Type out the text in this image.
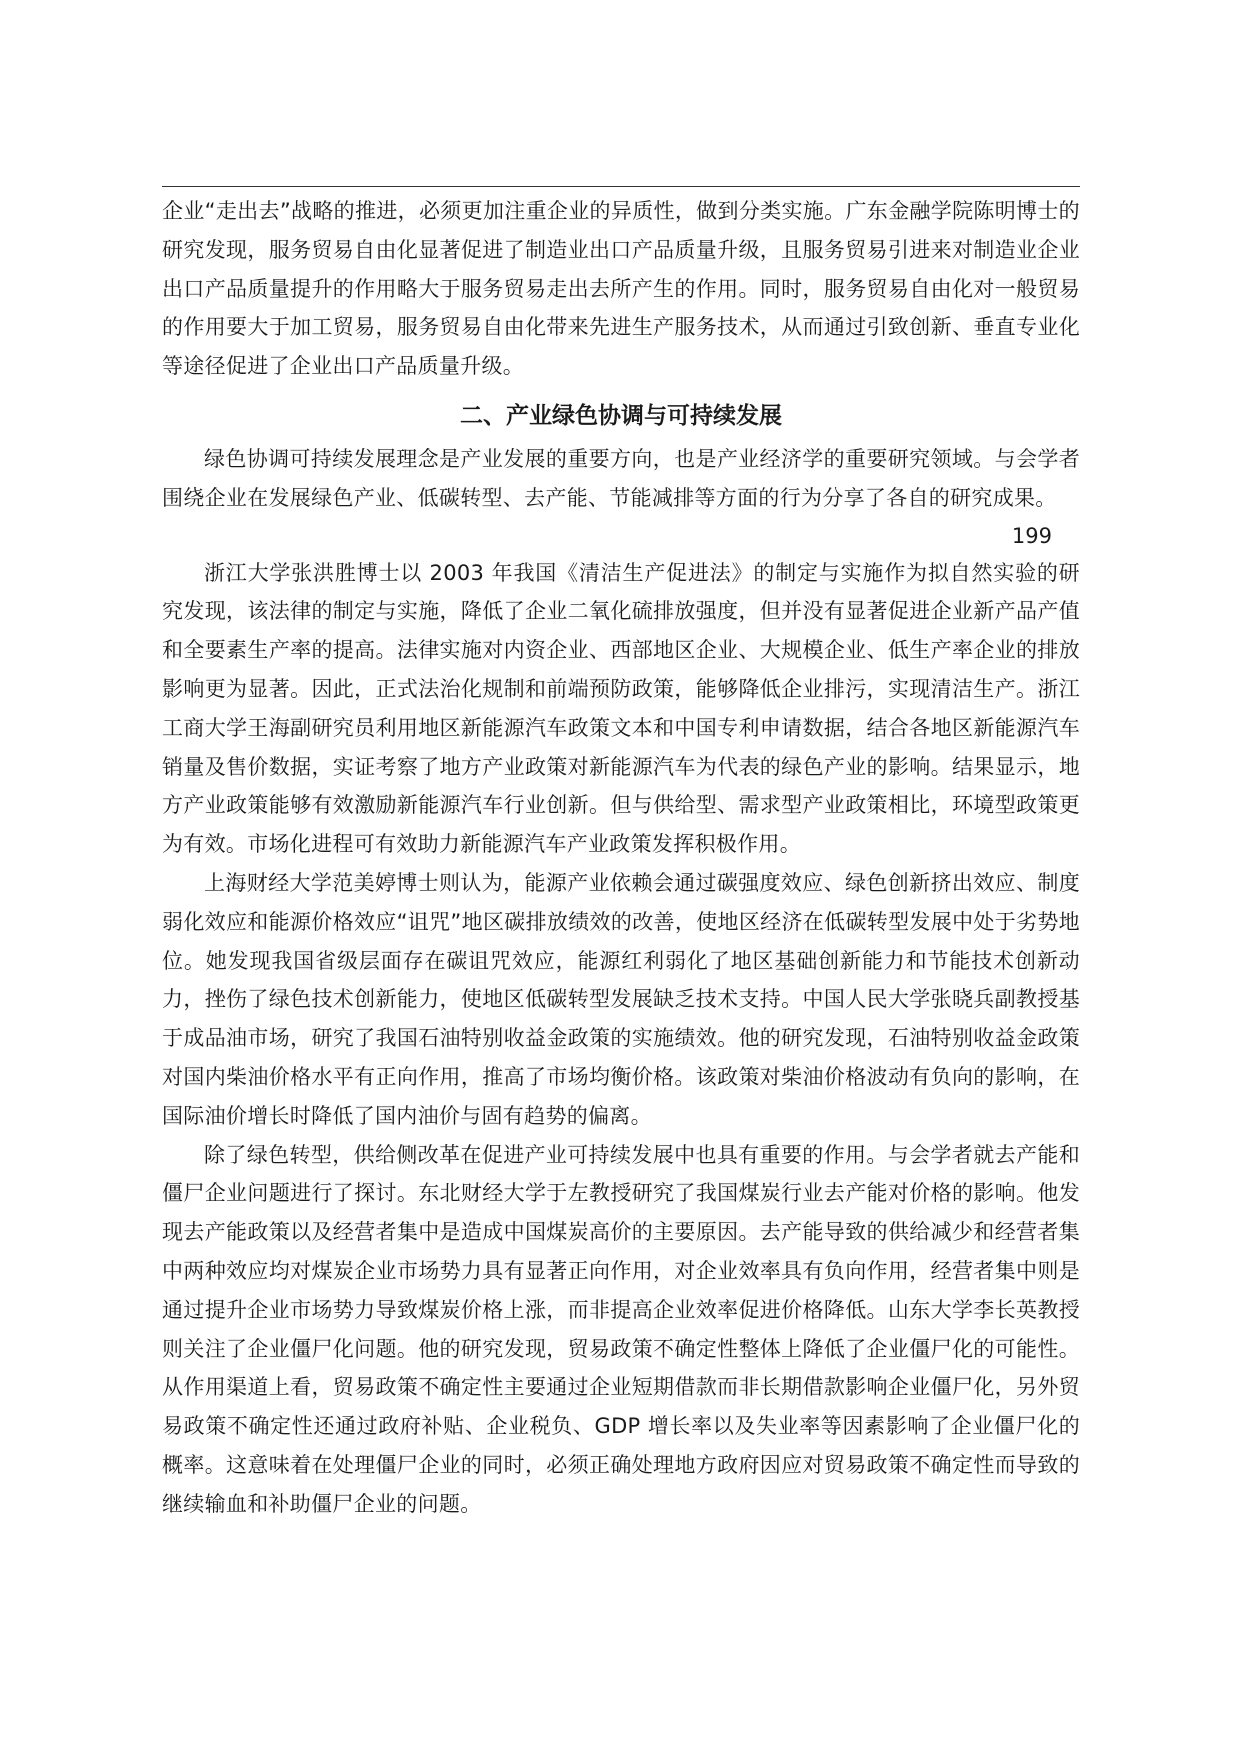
企业“走出去”战略的推进，必须更加注重企业的异质性，做到分类实施。广东金融学院陈明博士的研究发现，服务贸易自由化显著促进了制造业出口产品质量升级，且服务贸易引进来对制造业企业出口产品质量提升的作用略大于服务贸易走出去所产生的作用。同时，服务贸易自由化对一般贸易的作用要大于加工贸易，服务贸易自由化带来先进生产服务技术，从而通过引致创新、垂直专业化等途径促进了企业出口产品质量升级。

二、产业绿色协调与可持续发展

绿色协调可持续发展理念是产业发展的重要方向，也是产业经济学的重要研究领域。与会学者围绕企业在发展绿色产业、低碳转型、去产能、节能减排等方面的行为分享了各自的研究成果。

199

浙江大学张洪胜博士以 2003 年我国《清洁生产促进法》的制定与实施作为拟自然实验的研究发现，该法律的制定与实施，降低了企业二氧化硫排放强度，但并没有显著促进企业新产品产值和全要素生产率的提高。法律实施对内资企业、西部地区企业、大规模企业、低生产率企业的排放影响更为显著。因此，正式法治化规制和前端预防政策，能够降低企业排污，实现清洁生产。浙江工商大学王海副研究员利用地区新能源汽车政策文本和中国专利申请数据，结合各地区新能源汽车销量及售价数据，实证考察了地方产业政策对新能源汽车为代表的绿色产业的影响。结果显示，地方产业政策能够有效激励新能源汽车行业创新。但与供给型、需求型产业政策相比，环境型政策更为有效。市场化进程可有效助力新能源汽车产业政策发挥积极作用。

上海财经大学范美婷博士则认为，能源产业依赖会通过碳强度效应、绿色创新挤出效应、制度弱化效应和能源价格效应“诅咒”地区碳排放绩效的改善，使地区经济在低碳转型发展中处于劣势地位。她发现我国省级层面存在碳诅咒效应，能源红利弱化了地区基础创新能力和节能技术创新动力，挫伤了绿色技术创新能力，使地区低碳转型发展缺乏技术支持。中国人民大学张晓兵副教授基于成品油市场，研究了我国石油特别收益金政策的实施绩效。他的研究发现，石油特别收益金政策对国内柴油价格水平有正向作用，推高了市场均衡价格。该政策对柴油价格波动有负向的影响，在国际油价增长时降低了国内油价与固有趋势的偏离。

除了绿色转型，供给侧改革在促进产业可持续发展中也具有重要的作用。与会学者就去产能和僵尸企业问题进行了探讨。东北财经大学于左教授研究了我国煤炭行业去产能对价格的影响。他发现去产能政策以及经营者集中是造成中国煤炭高价的主要原因。去产能导致的供给减少和经营者集中两种效应均对煤炭企业市场势力具有显著正向作用，对企业效率具有负向作用，经营者集中则是通过提升企业市场势力导致煤炭价格上涨，而非提高企业效率促进价格降低。山东大学李长英教授则关注了企业僵尸化问题。他的研究发现，贸易政策不确定性整体上降低了企业僵尸化的可能性。从作用渠道上看，贸易政策不确定性主要通过企业短期借款而非长期借款影响企业僵尸化，另外贸易政策不确定性还通过政府补贴、企业税负、GDP 增长率以及失业率等因素影响了企业僵尸化的概率。这意味着在处理僵尸企业的同时，必须正确处理地方政府因应对贸易政策不确定性而导致的继续输血和补助僵尸企业的问题。
